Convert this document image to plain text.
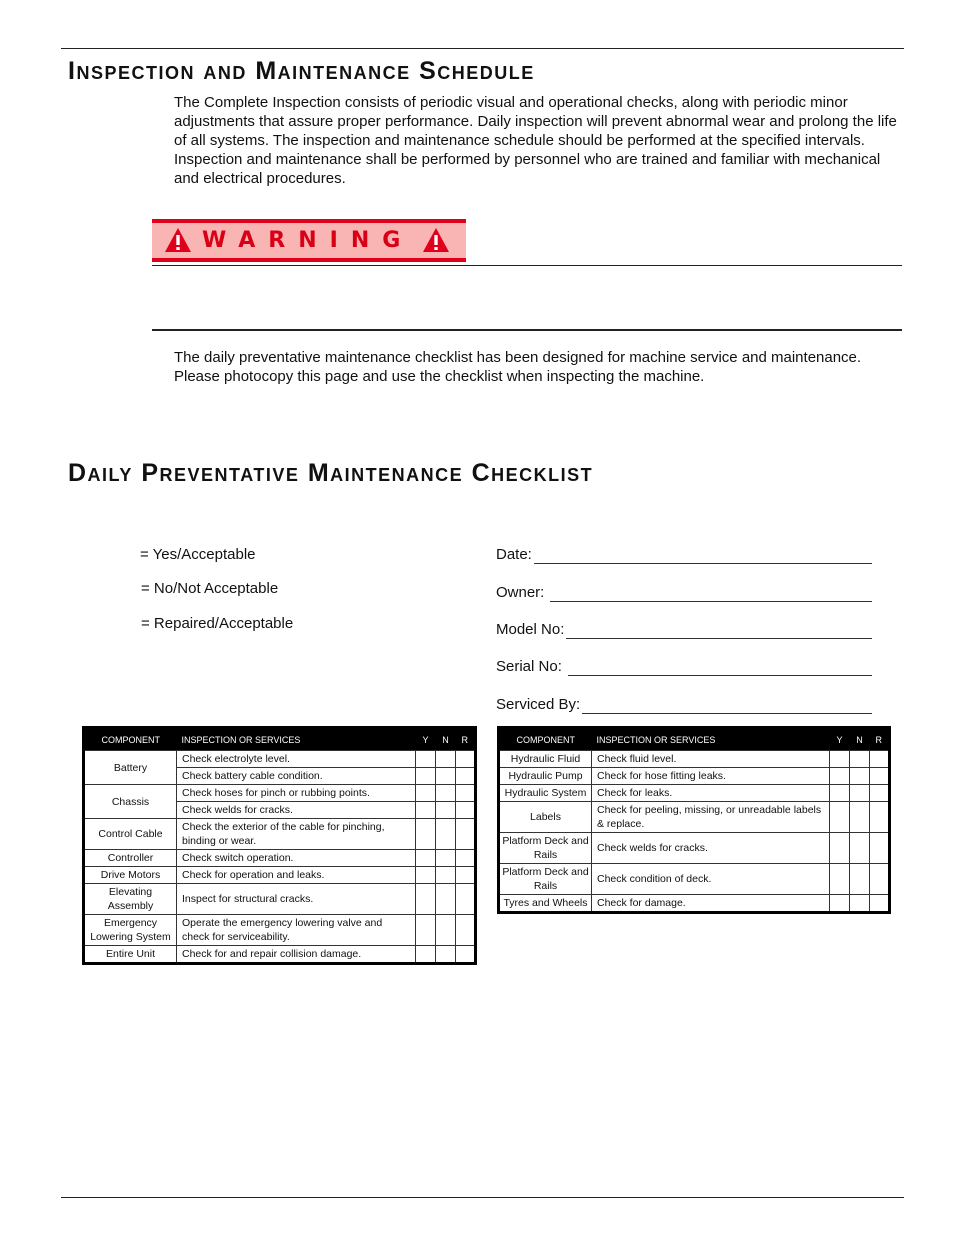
Inspection and Maintenance Schedule

The Complete Inspection consists of periodic visual and operational checks, along with periodic minor adjustments that assure proper performance. Daily inspection will prevent abnormal wear and prolong the life of all systems. The inspection and maintenance schedule should be performed at the specified intervals. Inspection and maintenance shall be performed by personnel who are trained and familiar with mechanical and electrical procedures.

WARNING

The daily preventative maintenance checklist has been designed for machine service and maintenance. Please photocopy this page and use the checklist when inspecting the machine.

Daily Preventative Maintenance Checklist
= Yes/Acceptable
= No/Not Acceptable
= Repaired/Acceptable
Date:
Owner:
Model No:
Serial No:
Serviced By:
COMPONENT	INSPECTION OR SERVICES	Y	N	R
Battery	Check electrolyte level.			
	Check battery cable condition.			
Chassis	Check hoses for pinch or rubbing points.			
	Check welds for cracks.			
Control Cable	Check the exterior of the cable for pinching, binding or wear.			
Controller	Check switch operation.			
Drive Motors	Check for operation and leaks.			
Elevating Assembly	Inspect for structural cracks.			
Emergency Lowering System	Operate the emergency lowering valve and check for serviceability.			
Entire Unit	Check for and repair collision damage.			
COMPONENT	INSPECTION OR SERVICES	Y	N	R
Hydraulic Fluid	Check fluid level.			
Hydraulic Pump	Check for hose fitting leaks.			
Hydraulic System	Check for leaks.			
Labels	Check for peeling, missing, or unreadable labels & replace.			
Platform Deck and Rails	Check welds for cracks.			
Platform Deck and Rails	Check condition of deck.			
Tyres and Wheels	Check for damage.			
